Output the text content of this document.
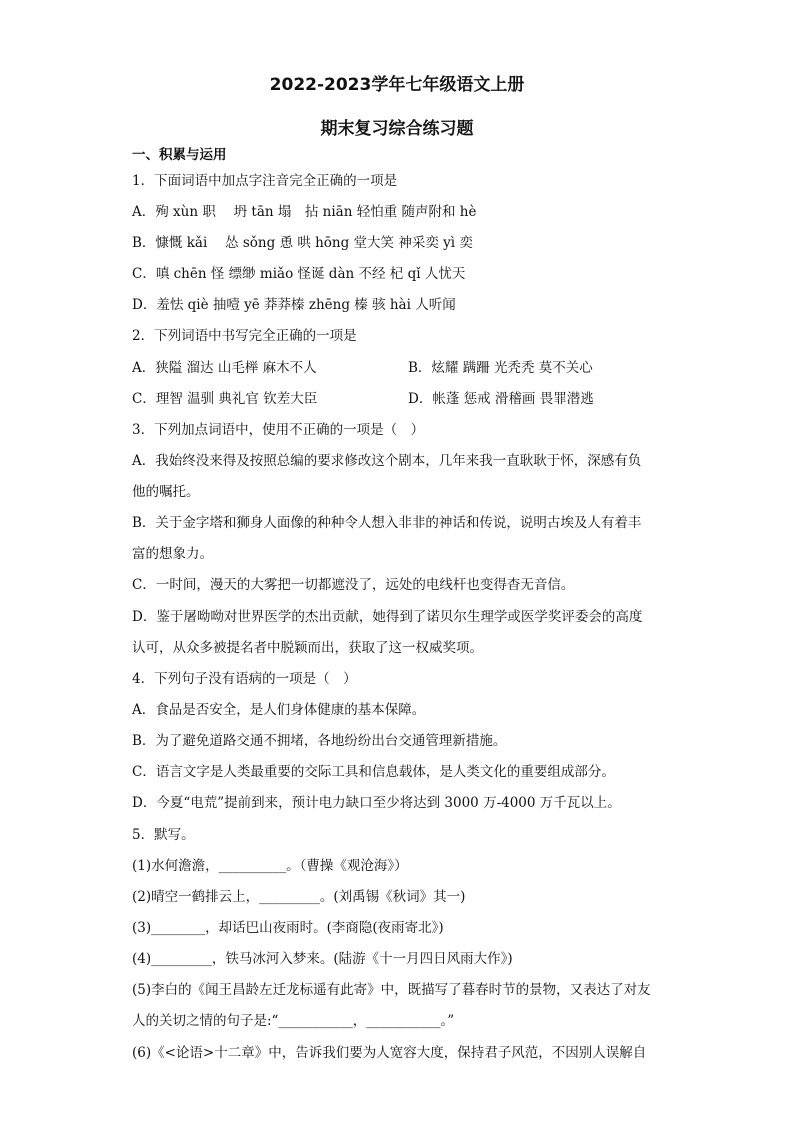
2022-2023学年七年级语文上册
期末复习综合练习题
一、积累与运用
1．下面词语中加点字注音完全正确的一项是
A．殉 xùn 职　 坍 tān 塌　拈 niān 轻怕重 随声附和 hè
B．慷慨 kǎi　 怂 sǒng 恿 哄 hōng 堂大笑 神采奕 yì 奕
C．嗔 chēn 怪 缥缈 miǎo 怪诞 dàn 不经 杞 qǐ 人忧天
D．羞怯 qiè 抽噎 yē 莽莽榛 zhēng 榛 骇 hài 人听闻
2．下列词语中书写完全正确的一项是
A．狭隘 溜达 山毛榉 麻木不人	B．炫耀 蹒跚 光秃秃 莫不关心
C．理智 温驯 典礼官 钦差大臣	D．帐蓬 惩戒 滑稽画 畏罪潜逃
3．下列加点词语中，使用不正确的一项是（　）
A．我始终没来得及按照总编的要求修改这个剧本，几年来我一直耿耿于怀，深感有负
他的嘱托。
B．关于金字塔和狮身人面像的种种令人想入非非的神话和传说，说明古埃及人有着丰
富的想象力。
C．一时间，漫天的大雾把一切都遮没了，远处的电线杆也变得杳无音信。
D．鉴于屠呦呦对世界医学的杰出贡献，她得到了诺贝尔生理学或医学奖评委会的高度
认可，从众多被提名者中脱颖而出，获取了这一权威奖项。
4．下列句子没有语病的一项是（　）
A．食品是否安全，是人们身体健康的基本保障。
B．为了避免道路交通不拥堵，各地纷纷出台交通管理新措施。
C．语言文字是人类最重要的交际工具和信息载体，是人类文化的重要组成部分。
D．今夏“电荒”提前到来，预计电力缺口至少将达到 3000 万-4000 万千瓦以上。
5．默写。
(1)水何澹澹，__________。（曹操《观沧海》）
(2)晴空一鹤排云上，_________。(刘禹锡《秋词》其一)
(3)________，却话巴山夜雨时。(李商隐(夜雨寄北》)
(4)_________，铁马冰河入梦来。(陆游《十一月四日风雨大作》)
(5)李白的《闻王昌龄左迁龙标遥有此寄》中，既描写了暮春时节的景物，又表达了对友
人的关切之情的句子是:“___________，___________。”
(6)《<论语>十二章》中，告诉我们要为人宽容大度，保持君子风范，不因别人误解自
